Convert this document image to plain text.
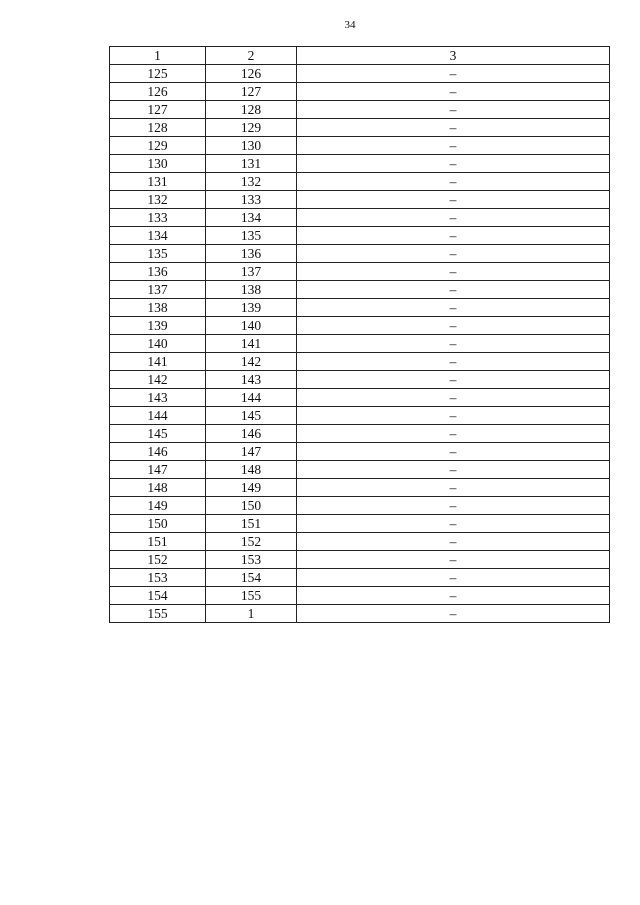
34
1	2	3
125	126	–
126	127	–
127	128	–
128	129	–
129	130	–
130	131	–
131	132	–
132	133	–
133	134	–
134	135	–
135	136	–
136	137	–
137	138	–
138	139	–
139	140	–
140	141	–
141	142	–
142	143	–
143	144	–
144	145	–
145	146	–
146	147	–
147	148	–
148	149	–
149	150	–
150	151	–
151	152	–
152	153	–
153	154	–
154	155	–
155	1	–
